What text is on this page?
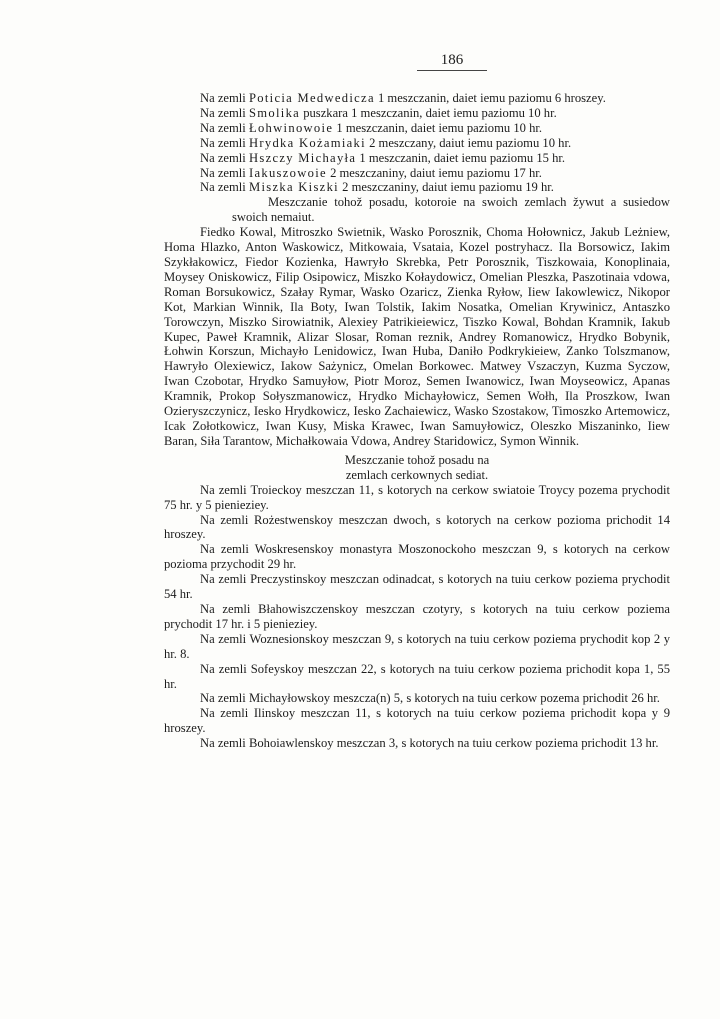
186

Na zemli Poticia Medwedicza 1 meszczanin, daiet iemu paziomu 6 hroszey.

Na zemli Smolika puszkara 1 meszczanin, daiet iemu paziomu 10 hr.

Na zemli Łohwinowoie 1 meszczanin, daiet iemu paziomu 10 hr.

Na zemli Hrydka Kożamiaki 2 meszczany, daiut iemu paziomu 10 hr.

Na zemli Hszczy Michayła 1 meszczanin, daiet iemu paziomu 15 hr.

Na zemli Iakuszowoie 2 meszczaniny, daiut iemu paziomu 17 hr.

Na zemli Miszka Kiszki 2 meszczaniny, daiut iemu paziomu 19 hr.

Meszczanie tohož posadu, kotoroie na swoich zemlach žywut a susiedow swoich nemaiut.

Fiedko Kowal, Mitroszko Swietnik, Wasko Porosznik, Choma Hołownicz, Jakub Leżniew, Homa Hlazko, Anton Waskowicz, Mitkowaia, Vsataia, Kozel postryhacz. Ila Borsowicz, Iakim Szykłakowicz, Fiedor Kozienka, Hawryło Skrebka, Petr Porosznik, Tiszkowaia, Konoplinaia, Moysey Oniskowicz, Filip Osipowicz, Miszko Kołaydowicz, Omelian Pleszka, Paszotinaia vdowa, Roman Borsukowicz, Szałay Rymar, Wasko Ozaricz, Zienka Ryłow, Iiew Iakowlewicz, Nikopor Kot, Markian Winnik, Ila Boty, Iwan Tolstik, Iakim Nosatka, Omelian Krywinicz, Antaszko Torowczyn, Miszko Sirowiatnik, Alexiey Patrikieiewicz, Tiszko Kowal, Bohdan Kramnik, Iakub Kupec, Paweł Kramnik, Alizar Slosar, Roman reznik, Andrey Romanowicz, Hrydko Bobynik, Łohwin Korszun, Michayło Lenidowicz, Iwan Huba, Daniło Podkrykieiew, Zanko Tolszmanow, Hawryło Olexiewicz, Iakow Sażynicz, Omelan Borkowec. Matwey Vszaczyn, Kuzma Syczow, Iwan Czobotar, Hrydko Samuyłow, Piotr Moroz, Semen Iwanowicz, Iwan Moyseowicz, Apanas Kramnik, Prokop Sołyszmanowicz, Hrydko Michayłowicz, Semen Wołh, Ila Proszkow, Iwan Ozieryszczynicz, Iesko Hrydkowicz, Iesko Zachaiewicz, Wasko Szostakow, Timoszko Artemowicz, Icak Zołotkowicz, Iwan Kusy, Miska Krawec, Iwan Samuyłowicz, Oleszko Miszaninko, Iiew Baran, Siła Tarantow, Michałkowaia Vdowa, Andrey Staridowicz, Symon Winnik.

Meszczanie tohož posadu na
zemlach cerkownych sediat.

Na zemli Troieckoy meszczan 11, s kotorych na cerkow swiatoie Troycy pozema prychodit 75 hr. y 5 pienieziey.

Na zemli Rożestwenskoy meszczan dwoch, s kotorych na cerkow pozioma prichodit 14 hroszey.

Na zemli Woskresenskoy monastyra Moszonockoho meszczan 9, s kotorych na cerkow pozioma przychodit 29 hr.

Na zemli Preczystinskoy meszczan odinadcat, s kotorych na tuiu cerkow poziema prychodit 54 hr.

Na zemli Błahowiszczenskoy meszczan czotyry, s kotorych na tuiu cerkow poziema prychodit 17 hr. i 5 pienieziey.

Na zemli Woznesionskoy meszczan 9, s kotorych na tuiu cerkow poziema prychodit kop 2 y hr. 8.

Na zemli Sofeyskoy meszczan 22, s kotorych na tuiu cerkow poziema prichodit kopa 1, 55 hr.

Na zemli Michayłowskoy meszcza(n) 5, s kotorych na tuiu cerkow pozema prichodit 26 hr.

Na zemli Ilinskoy meszczan 11, s kotorych na tuiu cerkow poziema prichodit kopa y 9 hroszey.

Na zemli Bohoiawlenskoy meszczan 3, s kotorych na tuiu cerkow poziema prichodit 13 hr.
